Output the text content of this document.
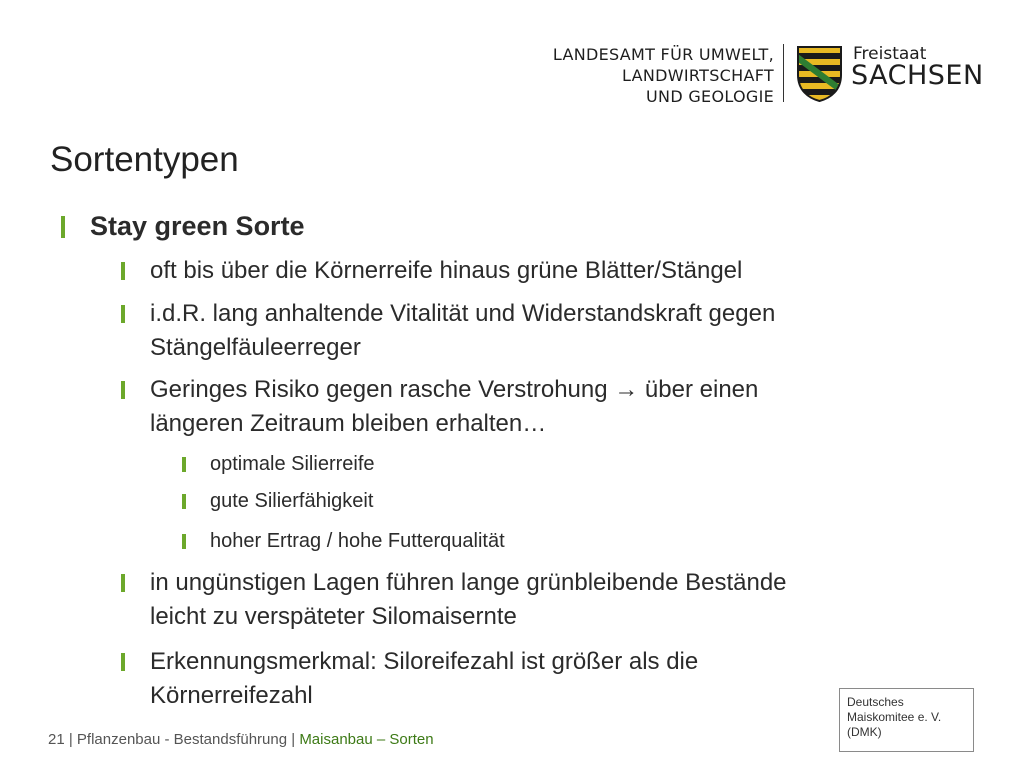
LANDESAMT FÜR UMWELT,
LANDWIRTSCHAFT
UND GEOLOGIE
Freistaat
SACHSEN
Sortentypen
Stay green Sorte
oft bis über die Körnerreife hinaus grüne Blätter/Stängel
i.d.R. lang anhaltende Vitalität und Widerstandskraft gegen
Stängelfäuleerreger
Geringes Risiko gegen rasche Verstrohung → über einen
längeren Zeitraum bleiben erhalten…
optimale Silierreife
gute Silierfähigkeit
hoher Ertrag / hohe Futterqualität
in ungünstigen Lagen führen lange grünbleibende Bestände
leicht zu verspäteter Silomaisernte
Erkennungsmerkmal: Siloreifezahl ist größer als die
Körnerreifezahl	Deutsches
Maiskomitee e. V.
(DMK)
21 | Pflanzenbau - Bestandsführung | Maisanbau – Sorten
